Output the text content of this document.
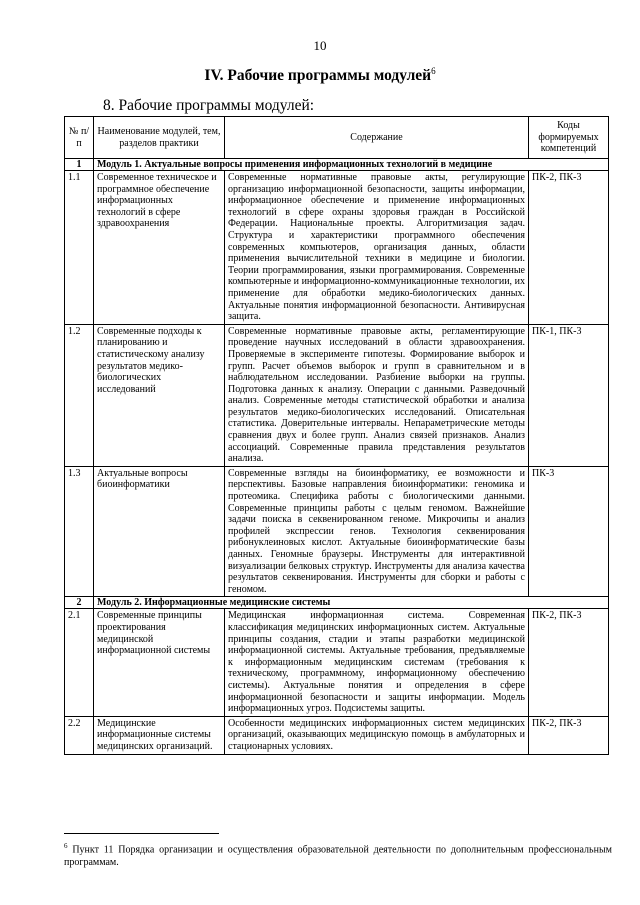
10
IV. Рабочие программы модулей$^6$
8. Рабочие программы модулей:
№ п/п	Наименование модулей, тем, разделов практики	Содержание	Коды формируемых компетенций
1	Модуль 1. Актуальные вопросы применения информационных технологий в медицине		
1.1	Современное техническое и программное обеспечение информационных технологий в сфере здравоохранения	Современные нормативные правовые акты, регулирующие организацию информационной безопасности, защиты информации, информационное обеспечение и применение информационных технологий в сфере охраны здоровья граждан в Российской Федерации. Национальные проекты. Алгоритмизация задач. Структура и характеристики программного обеспечения современных компьютеров, организация данных, области применения вычислительной техники в медицине и биологии. Теории программирования, языки программирования. Современные компьютерные и информационно-коммуникационные технологии, их применение для обработки медико-биологических данных. Актуальные понятия информационной безопасности. Антивирусная защита.	ПК-2, ПК-3
1.2	Современные подходы к планированию и статистическому анализу результатов медико-биологических исследований	Современные нормативные правовые акты, регламентирующие проведение научных исследований в области здравоохранения. Проверяемые в эксперименте гипотезы. Формирование выборок и групп. Расчет объемов выборок и групп в сравнительном и в наблюдательном исследовании. Разбиение выборки на группы. Подготовка данных к анализу. Операции с данными. Разведочный анализ. Современные методы статистической обработки и анализа результатов медико-биологических исследований. Описательная статистика. Доверительные интервалы. Непараметрические методы сравнения двух и более групп. Анализ связей признаков. Анализ ассоциаций. Современные правила представления результатов анализа.	ПК-1, ПК-3
1.3	Актуальные вопросы биоинформатики	Современные взгляды на биоинформатику, ее возможности и перспективы. Базовые направления биоинформатики: геномика и протеомика. Специфика работы с биологическими данными. Современные принципы работы с целым геномом. Важнейшие задачи поиска в секвенированном геноме. Микрочипы и анализ профилей экспрессии генов. Технология секвенирования рибонуклеиновых кислот. Актуальные биоинформатические базы данных. Геномные браузеры. Инструменты для интерактивной визуализации белковых структур. Инструменты для анализа качества результатов секвенирования. Инструменты для сборки и работы с геномом.	ПК-3
2	Модуль 2. Информационные медицинские системы		
2.1	Современные принципы проектирования медицинской информационной системы	Медицинская информационная система. Современная классификация медицинских информационных систем. Актуальные принципы создания, стадии и этапы разработки медицинской информационной системы. Актуальные требования, предъявляемые к информационным медицинским системам (требования к техническому, программному, информационному обеспечению системы). Актуальные понятия и определения в сфере информационной безопасности и защиты информации. Модель информационных угроз. Подсистемы защиты.	ПК-2, ПК-3
2.2	Медицинские информационные системы медицинских организаций.	Особенности медицинских информационных систем медицинских организаций, оказывающих медицинскую помощь в амбулаторных и стационарных условиях.	ПК-2, ПК-3
$^6$ Пункт 11 Порядка организации и осуществления образовательной деятельности по дополнительным профессиональным программам.
